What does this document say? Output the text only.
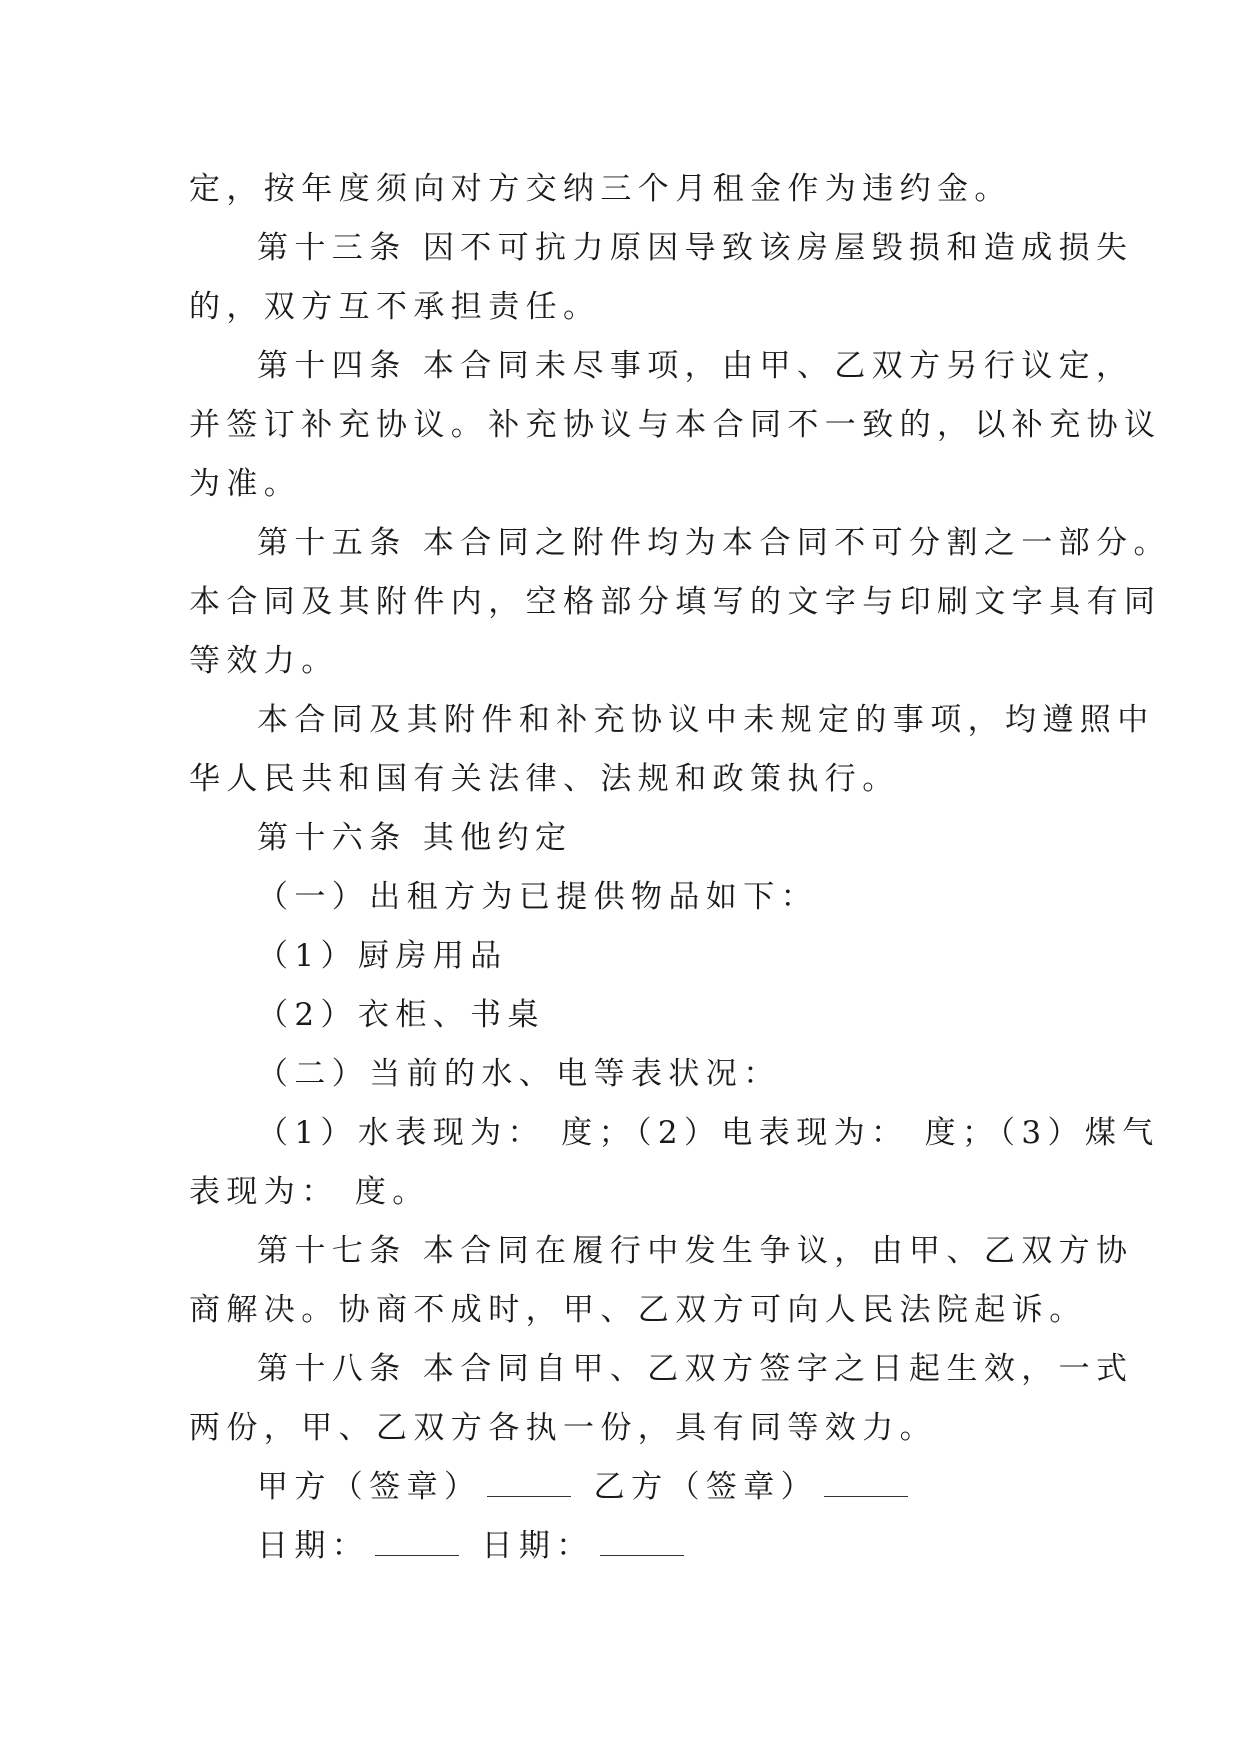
定，按年度须向对方交纳三个月租金作为违约金。
第十三条 因不可抗力原因导致该房屋毁损和造成损失
的，双方互不承担责任。
第十四条 本合同未尽事项，由甲、乙双方另行议定，
并签订补充协议。补充协议与本合同不一致的，以补充协议
为准。
第十五条 本合同之附件均为本合同不可分割之一部分。
本合同及其附件内，空格部分填写的文字与印刷文字具有同
等效力。
本合同及其附件和补充协议中未规定的事项，均遵照中
华人民共和国有关法律、法规和政策执行。
第十六条 其他约定
（一）出租方为已提供物品如下：
（1）厨房用品
（2）衣柜、书桌
（二）当前的水、电等表状况：
（1）水表现为： 度；（2）电表现为： 度；（3）煤气
表现为： 度。
第十七条 本合同在履行中发生争议，由甲、乙双方协
商解决。协商不成时，甲、乙双方可向人民法院起诉。
第十八条 本合同自甲、乙双方签字之日起生效，一式
两份，甲、乙双方各执一份，具有同等效力。
甲方（签章）	乙方（签章）
日期：	日期：
